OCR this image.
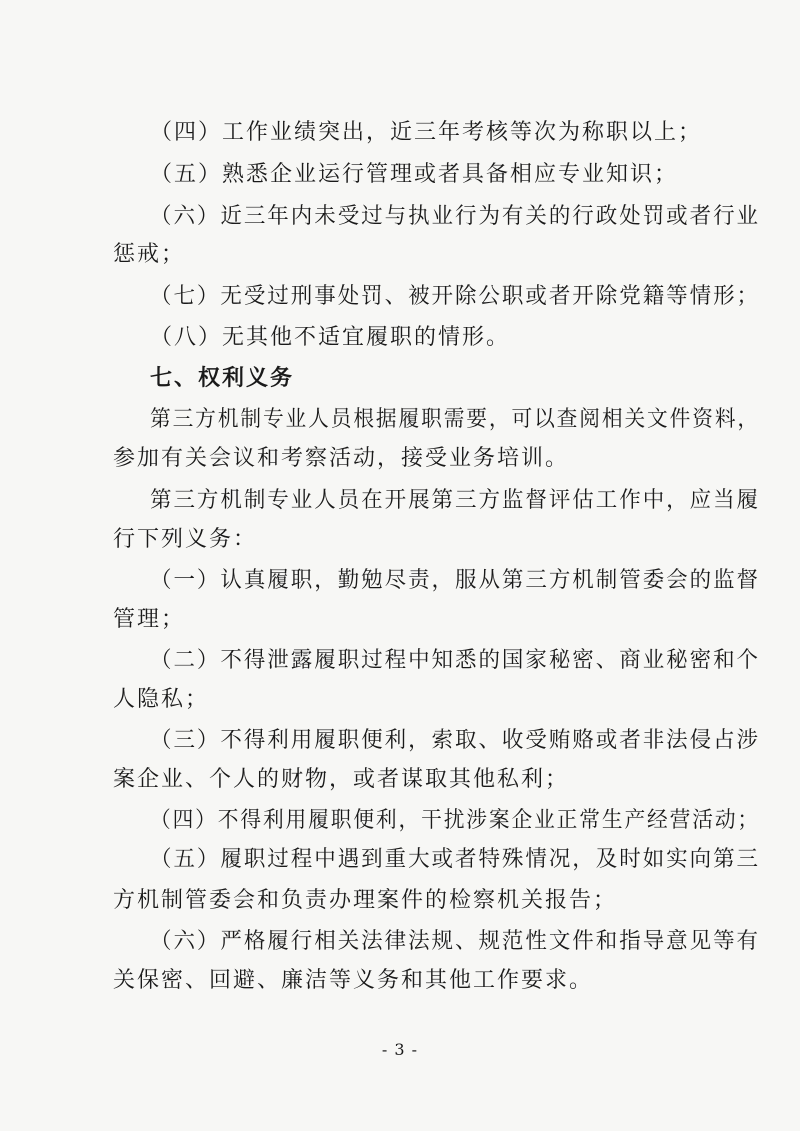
（四）工作业绩突出，近三年考核等次为称职以上；
（五）熟悉企业运行管理或者具备相应专业知识；
（六）近三年内未受过与执业行为有关的行政处罚或者行业
惩戒；
（七）无受过刑事处罚、被开除公职或者开除党籍等情形；
（八）无其他不适宜履职的情形。
七、权利义务
第三方机制专业人员根据履职需要，可以查阅相关文件资料，
参加有关会议和考察活动，接受业务培训。
第三方机制专业人员在开展第三方监督评估工作中，应当履
行下列义务：
（一）认真履职，勤勉尽责，服从第三方机制管委会的监督
管理；
（二）不得泄露履职过程中知悉的国家秘密、商业秘密和个
人隐私；
（三）不得利用履职便利，索取、收受贿赂或者非法侵占涉
案企业、个人的财物，或者谋取其他私利；
（四）不得利用履职便利，干扰涉案企业正常生产经营活动；
（五）履职过程中遇到重大或者特殊情况，及时如实向第三
方机制管委会和负责办理案件的检察机关报告；
（六）严格履行相关法律法规、规范性文件和指导意见等有
关保密、回避、廉洁等义务和其他工作要求。
- 3 -
